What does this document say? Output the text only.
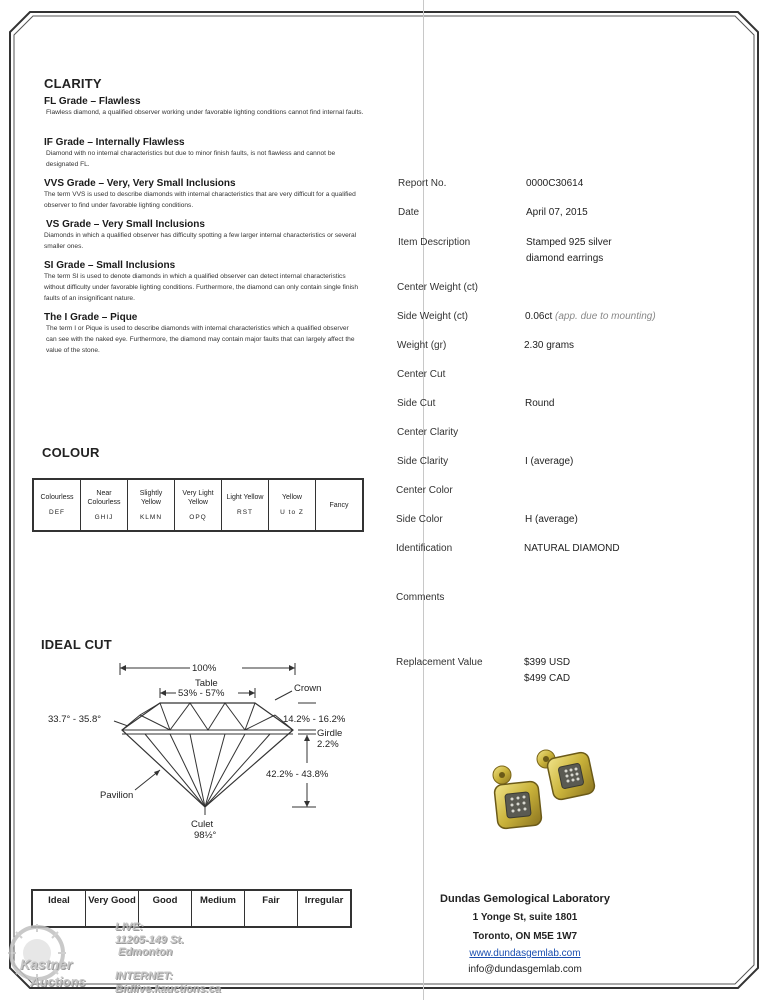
CLARITY
FL Grade – Flawless
Flawless diamond, a qualified observer working under favorable lighting conditions cannot find internal faults.
IF Grade – Internally Flawless
Diamond with no internal characteristics but due to minor finish faults, is not flawless and cannot be designated FL.
VVS Grade – Very, Very Small Inclusions
The term VVS is used to describe diamonds with internal characteristics that are very difficult for a qualified observer to find under favorable lighting conditions.
VS Grade – Very Small Inclusions
Diamonds in which a qualified observer has difficulty spotting a few larger internal characteristics or several smaller ones.
SI Grade – Small Inclusions
The term SI is used to denote diamonds in which a qualified observer can detect internal characteristics without difficulty under favorable lighting conditions. Furthermore, the diamond can only contain single finish faults of an insignificant nature.
The I Grade – Pique
The term I or Pique is used to describe diamonds with internal characteristics which a qualified observer can see with the naked eye. Furthermore, the diamond may contain major faults that can largely affect the value of the stone.
COLOUR
Colourless
DEF
	Near Colourless
GHIJ
	Slightly Yellow
KLMN
	Very Light Yellow
OPQ
	Light Yellow
RST
	Yellow
U to Z
	Fancy
IDEAL CUT
100%
Table
53% - 57%	Crown
33.7° - 35.8°	14.2% - 16.2%
Girdle
2.2%
42.2% - 43.8%
Pavilion
Culet
98½°
Ideal	Very Good	Good	Medium	Fair	Irregular
Report No.	0000C30614
Date	April 07, 2015
Item Description	Stamped 925 silver
diamond earrings
Center Weight (ct)
Side Weight (ct)	0.06ct (app. due to mounting)
Weight (gr)	2.30 grams
Center Cut
Side Cut	Round
Center Clarity
Side Clarity	I (average)
Center Color
Side Color	H (average)
Identification	NATURAL DIAMOND
Comments
Replacement Value	$399 USD
$499 CAD
Dundas Gemological Laboratory
1 Yonge St, suite 1801
Toronto, ON M5E 1W7
www.dundasgemlab.com
info@dundasgemlab.com
Kastner
Auctions
LIVE:
11205-149 St.
Edmonton
INTERNET:
Bidlive.kauctions.ca
